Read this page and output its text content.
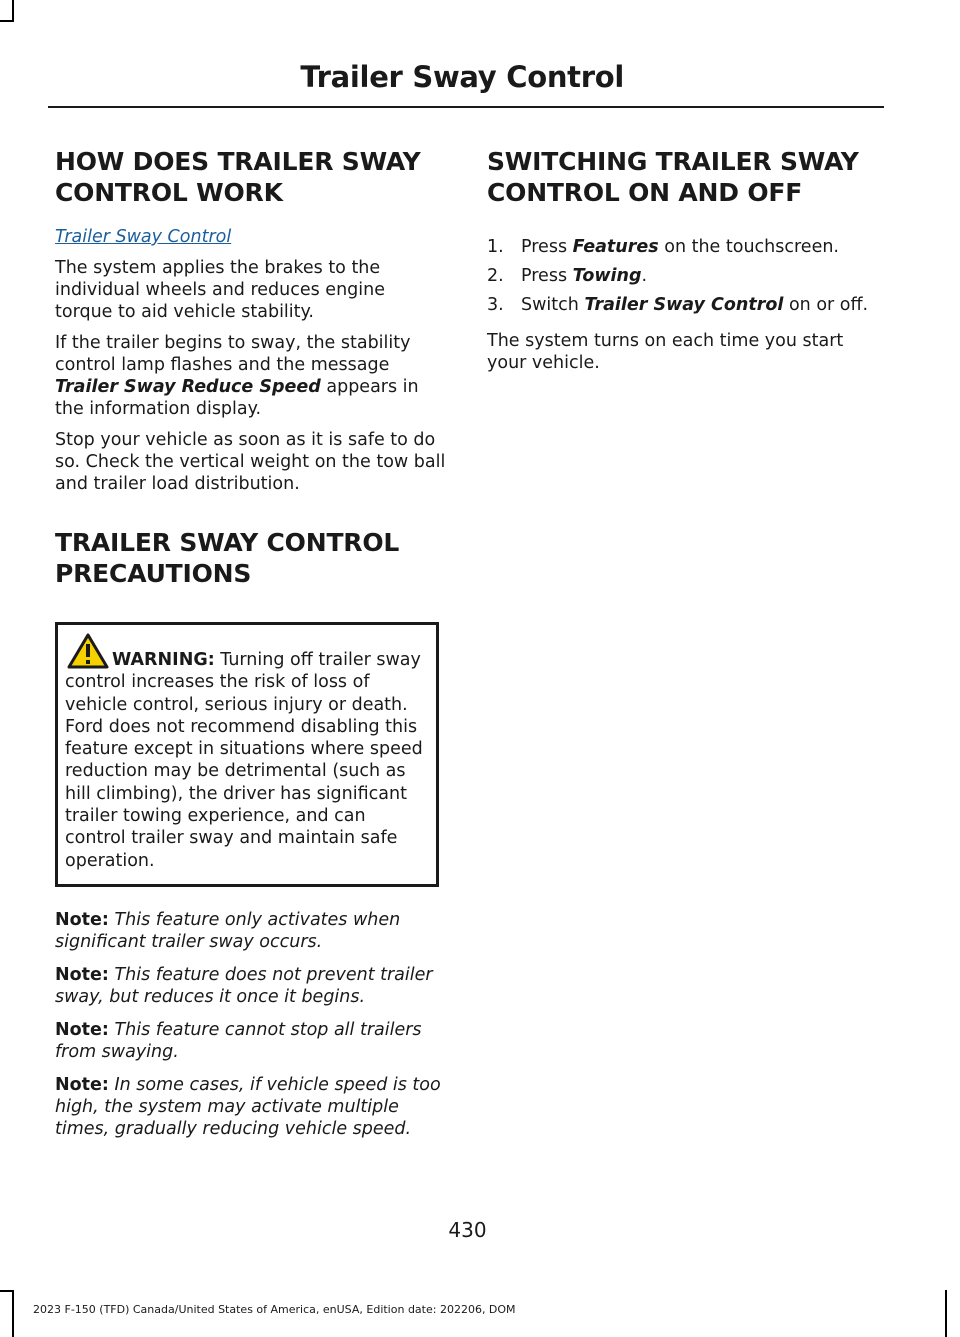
Trailer Sway Control
HOW DOES TRAILER SWAY
CONTROL WORK
Trailer Sway Control

The system applies the brakes to the individual wheels and reduces engine torque to aid vehicle stability.

If the trailer begins to sway, the stability control lamp flashes and the message Trailer Sway Reduce Speed appears in the information display.

Stop your vehicle as soon as it is safe to do so. Check the vertical weight on the tow ball and trailer load distribution.

TRAILER SWAY CONTROL
PRECAUTIONS

WARNING: Turning off trailer sway control increases the risk of loss of vehicle control, serious injury or death. Ford does not recommend disabling this feature except in situations where speed reduction may be detrimental (such as hill climbing), the driver has significant trailer towing experience, and can control trailer sway and maintain safe operation.

Note: This feature only activates when significant trailer sway occurs.

Note: This feature does not prevent trailer sway, but reduces it once it begins.

Note: This feature cannot stop all trailers from swaying.

Note: In some cases, if vehicle speed is too high, the system may activate multiple times, gradually reducing vehicle speed.

SWITCHING TRAILER SWAY
CONTROL ON AND OFF
1. Press Features on the touchscreen.
2. Press Towing.
3. Switch Trailer Sway Control on or off.

The system turns on each time you start your vehicle.

430
2023 F-150 (TFD) Canada/United States of America, enUSA, Edition date: 202206, DOM
